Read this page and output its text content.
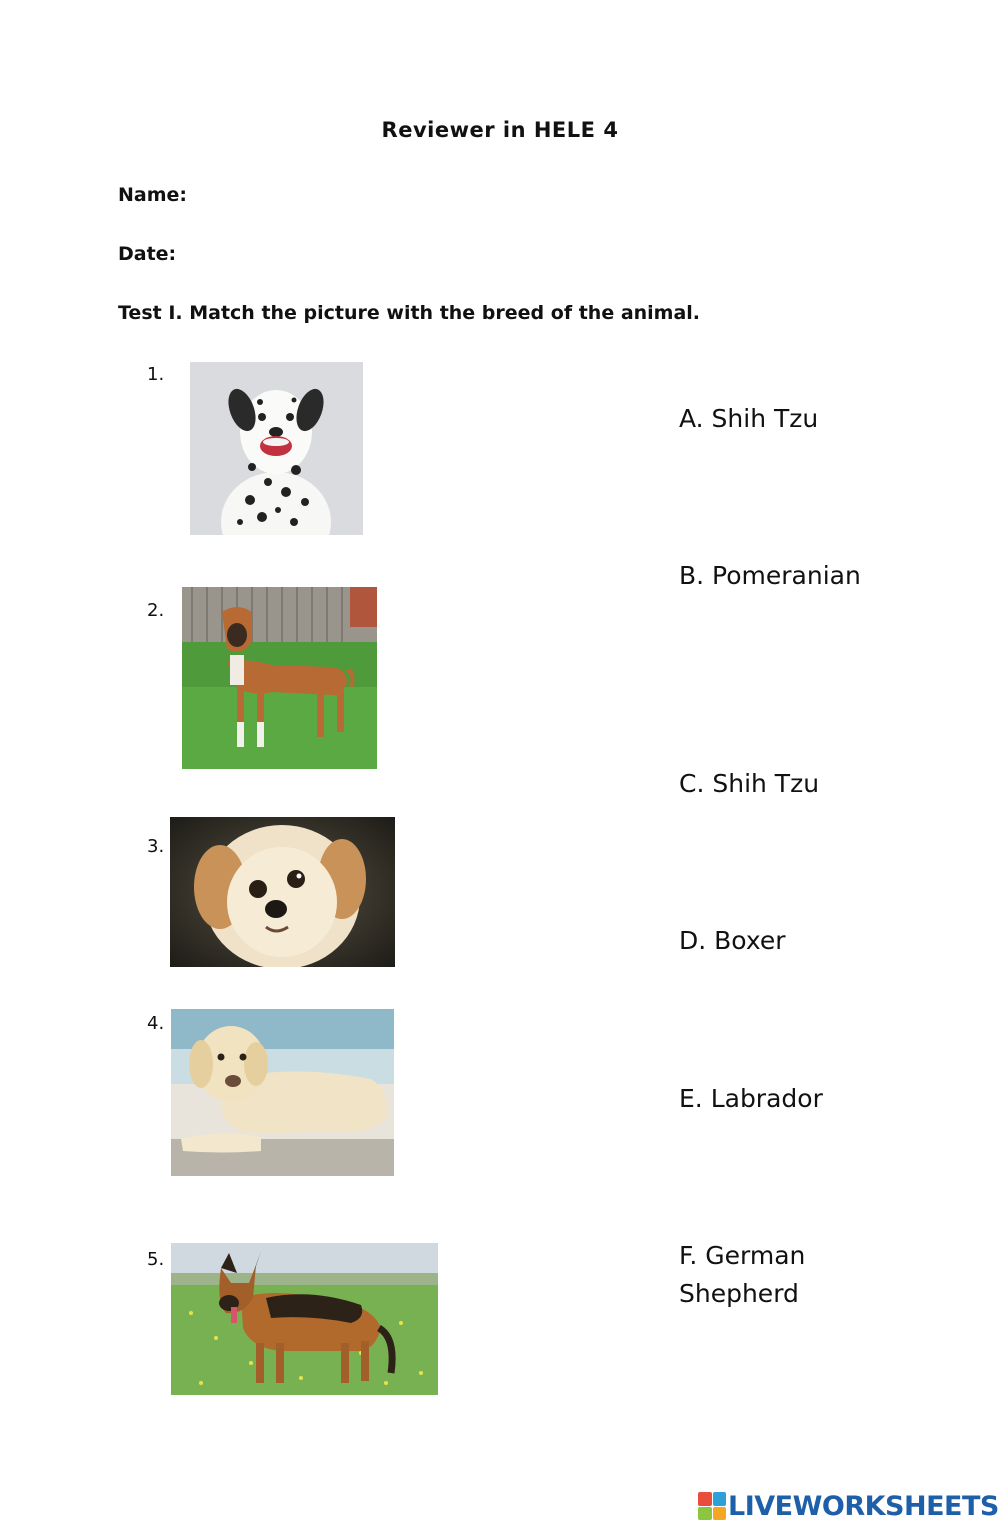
Reviewer in HELE 4
Name:
Date:
Test I. Match the picture with the breed of the animal.
1.
2.
3.
4.
5.
A. Shih Tzu
B. Pomeranian
C. Shih Tzu
D. Boxer
E. Labrador
F. German
Shepherd
LIVEWORKSHEETS
